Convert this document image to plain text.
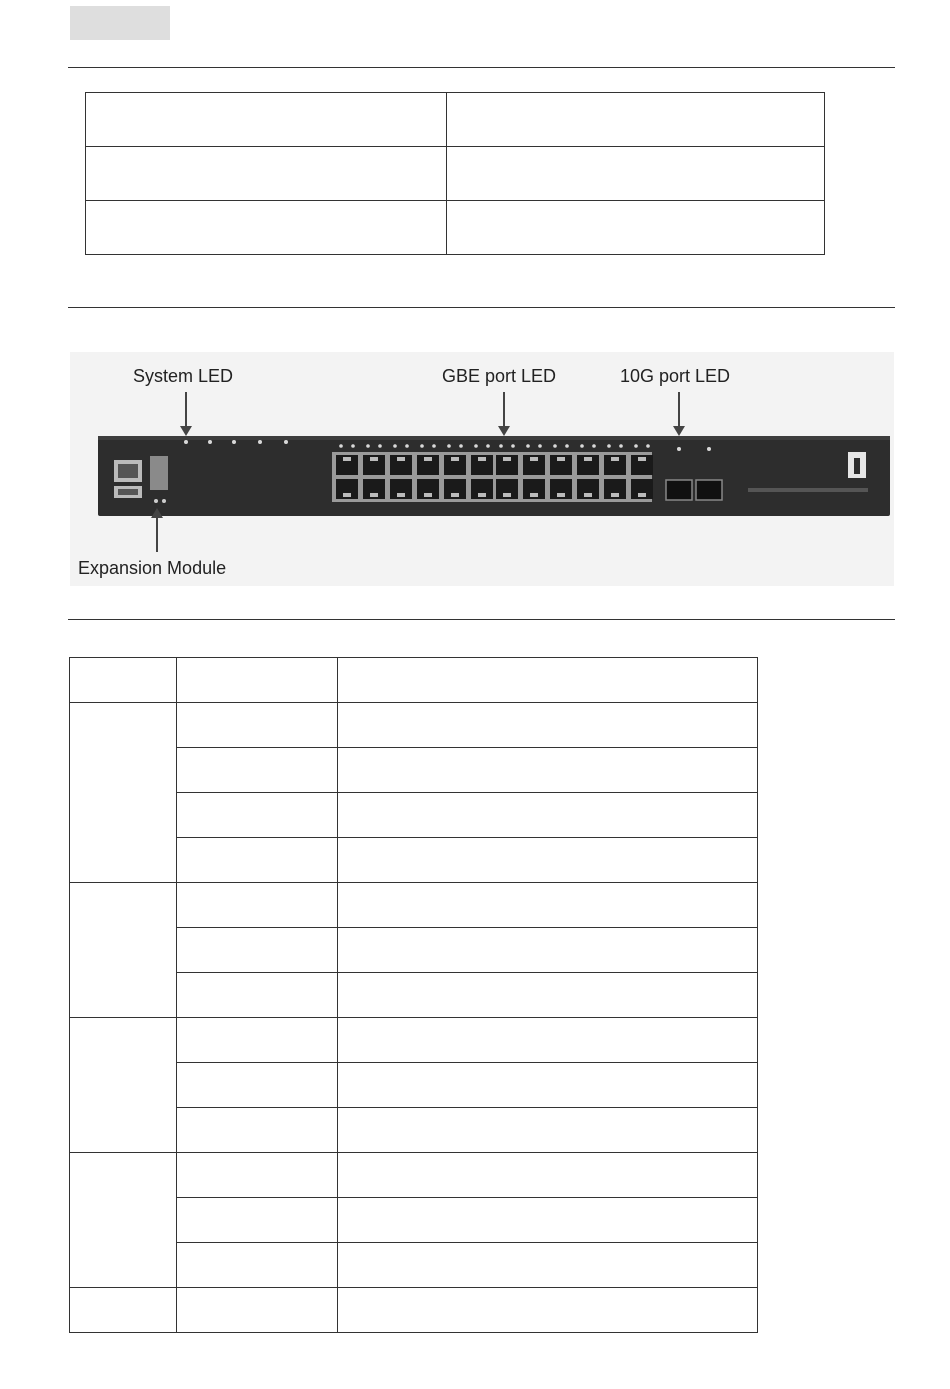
System LED	GBE port LED	10G port LED
Expansion Module
